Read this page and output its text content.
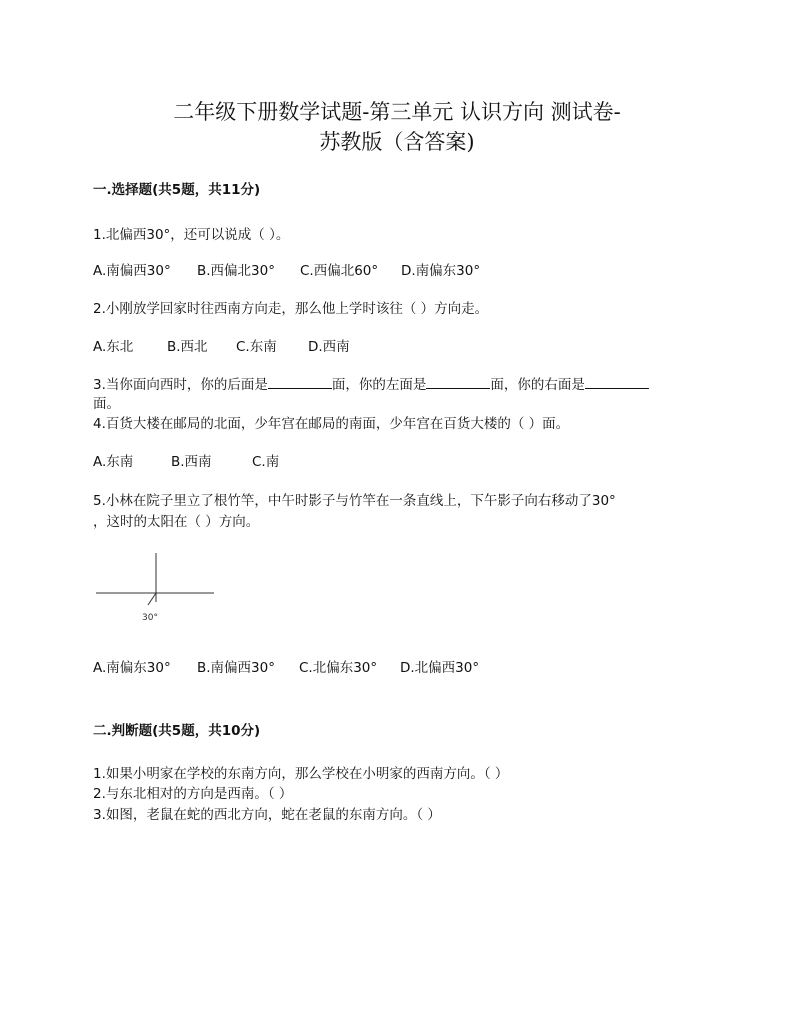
二年级下册数学试题-第三单元 认识方向 测试卷-
苏教版（含答案)
一.选择题(共5题，共11分)
1.北偏西30°，还可以说成（ ）。
A.南偏西30° B.西偏北30° C.西偏北60° D.南偏东30°
2.小刚放学回家时往西南方向走，那么他上学时该往（ ）方向走。
A.东北 B.西北 C.东南 D.西南
3.当你面向西时，你的后面是	面，你的左面是	面，你的右面是
面。
4.百货大楼在邮局的北面，少年宫在邮局的南面，少年宫在百货大楼的（ ）面。
A.东南	B.西南	C.南
5.小林在院子里立了根竹竿，中午时影子与竹竿在一条直线上，下午影子向右移动了30°
，这时的太阳在（ ）方向。
30°
A.南偏东30° B.南偏西30° C.北偏东30° D.北偏西30°
二.判断题(共5题，共10分)
1.如果小明家在学校的东南方向，那么学校在小明家的西南方向。（ ）
2.与东北相对的方向是西南。（ ）
3.如图，老鼠在蛇的西北方向，蛇在老鼠的东南方向。（ ）
